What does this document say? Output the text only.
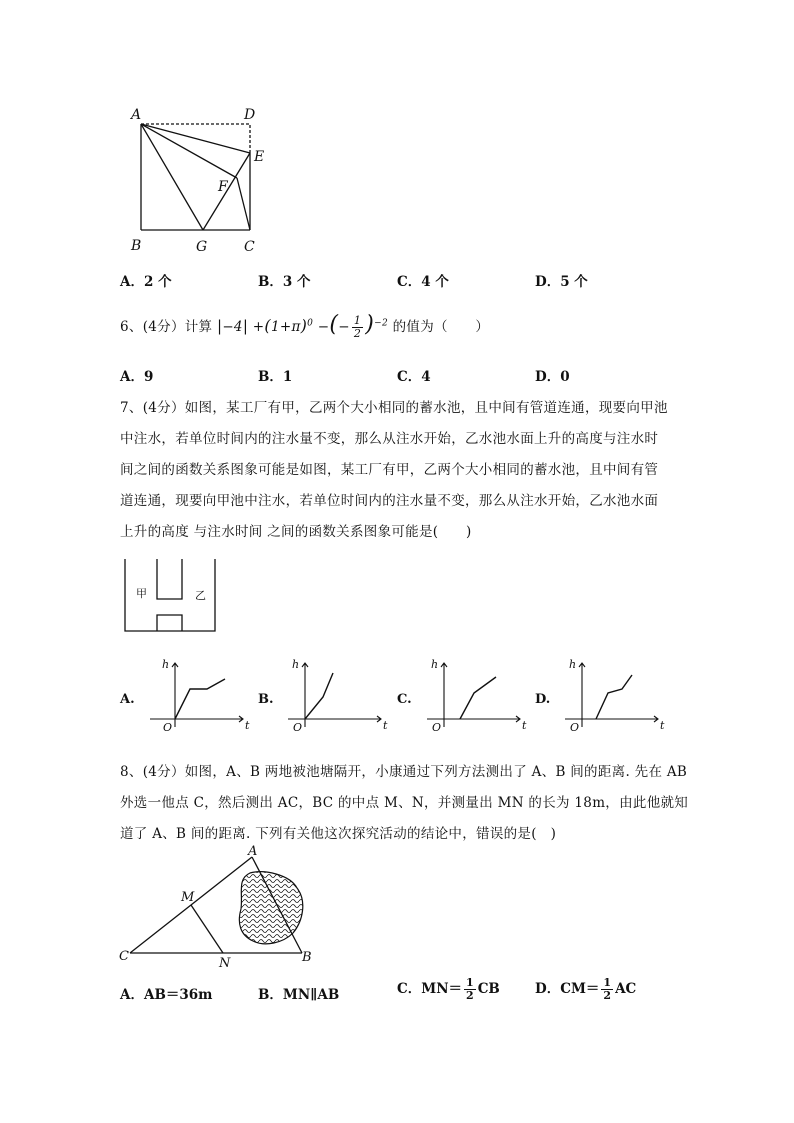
A	D
E
F
B	G	C
A．2 个	B．3 个	C．4 个	D．5 个
6、(4分）计算 $|-4| +(1+\pi)^0$ −(− $\frac{1}{2} )^{-2}$ 的值为（　　）
A．9	B．1	C．4	D．0
7、(4分）如图，某工厂有甲，乙两个大小相同的蓄水池，且中间有管道连通，现要向甲池
中注水，若单位时间内的注水量不变，那么从注水开始，乙水池水面上升的高度与注水时
间之间的函数关系图象可能是如图，某工厂有甲，乙两个大小相同的蓄水池，且中间有管
道连通，现要向甲池中注水，若单位时间内的注水量不变，那么从注水开始，乙水池水面
上升的高度 与注水时间 之间的函数关系图象可能是(　　)
甲	乙
A.
h
t
O
B.
h
t
O
C.
h
t
O
D.
h
t
O
8、(4分）如图，A、B 两地被池塘隔开，小康通过下列方法测出了 A、B 间的距离. 先在 AB
外选一他点 C，然后测出 AC，BC 的中点 M、N，并测量出 MN 的长为 18m，由此他就知
道了 A、B 间的距离. 下列有关他这次探究活动的结论中，错误的是(　)
A
M
C	N	B
A．AB＝36m	B．MN∥AB	C．$MN= \frac{1}{2}$ CB	D．$CM= \frac{1}{2}$ AC
